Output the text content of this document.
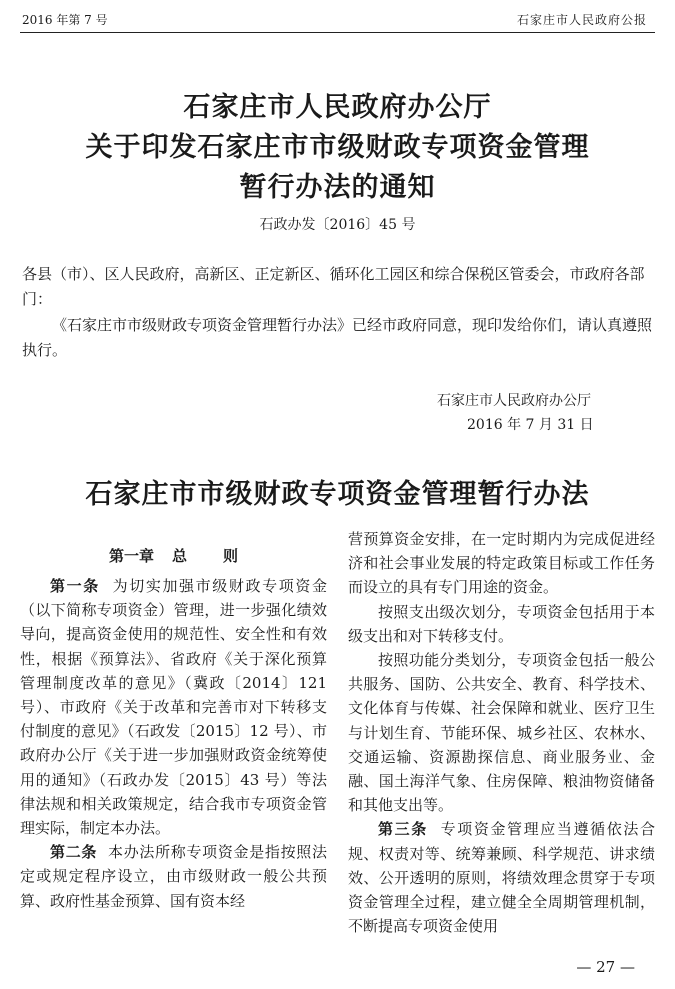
2016 年第 7 号	石家庄市人民政府公报
石家庄市人民政府办公厅
关于印发石家庄市市级财政专项资金管理
暂行办法的通知
石政办发〔2016〕45 号

各县（市）、区人民政府，高新区、正定新区、循环化工园区和综合保税区管委会，市政府各部门：

《石家庄市市级财政专项资金管理暂行办法》已经市政府同意，现印发给你们，请认真遵照执行。

石家庄市人民政府办公厅
2016 年 7 月 31 日
石家庄市市级财政专项资金管理暂行办法
第一章 总 则

第一条 为切实加强市级财政专项资金（以下简称专项资金）管理，进一步强化绩效导向，提高资金使用的规范性、安全性和有效性，根据《预算法》、省政府《关于深化预算管理制度改革的意见》（冀政〔2014〕121 号）、市政府《关于改革和完善市对下转移支付制度的意见》（石政发〔2015〕12 号）、市政府办公厅《关于进一步加强财政资金统筹使用的通知》（石政办发〔2015〕43 号）等法律法规和相关政策规定，结合我市专项资金管理实际，制定本办法。

第二条 本办法所称专项资金是指按照法定或规定程序设立，由市级财政一般公共预算、政府性基金预算、国有资本经

营预算资金安排，在一定时期内为完成促进经济和社会事业发展的特定政策目标或工作任务而设立的具有专门用途的资金。

按照支出级次划分，专项资金包括用于本级支出和对下转移支付。

按照功能分类划分，专项资金包括一般公共服务、国防、公共安全、教育、科学技术、文化体育与传媒、社会保障和就业、医疗卫生与计划生育、节能环保、城乡社区、农林水、交通运输、资源勘探信息、商业服务业、金融、国土海洋气象、住房保障、粮油物资储备和其他支出等。

第三条 专项资金管理应当遵循依法合规、权责对等、统筹兼顾、科学规范、讲求绩效、公开透明的原则，将绩效理念贯穿于专项资金管理全过程，建立健全全周期管理机制，不断提高专项资金使用

— 27 —
